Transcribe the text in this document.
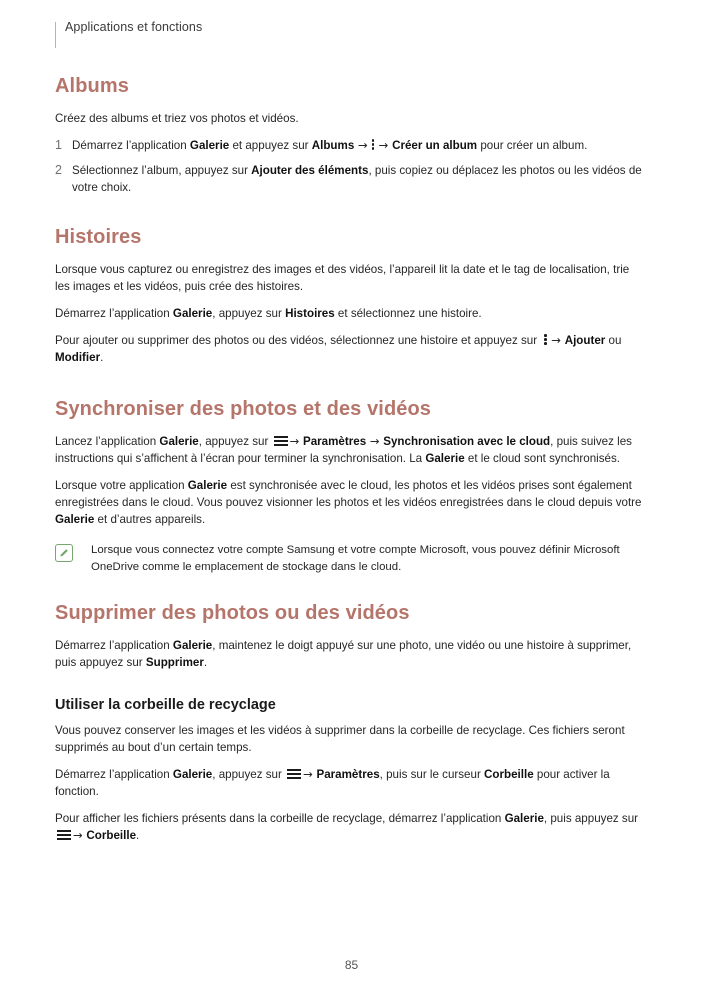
Applications et fonctions
Albums

Créez des albums et triez vos photos et vidéos.

1 Démarrez l’application Galerie et appuyez sur Albums → → Créer un album pour créer un album.
2 Sélectionnez l’album, appuyez sur Ajouter des éléments, puis copiez ou déplacez les photos ou les vidéos de votre choix.
Histoires

Lorsque vous capturez ou enregistrez des images et des vidéos, l’appareil lit la date et le tag de localisation, trie les images et les vidéos, puis crée des histoires.

Démarrez l’application Galerie, appuyez sur Histoires et sélectionnez une histoire.

Pour ajouter ou supprimer des photos ou des vidéos, sélectionnez une histoire et appuyez sur
→ Ajouter ou Modifier.

Synchroniser des photos et des vidéos

Lancez l’application Galerie, appuyez sur
→ Paramètres → Synchronisation avec le cloud, puis suivez les instructions qui s’affichent à l’écran pour terminer la synchronisation. La Galerie et le cloud sont synchronisés.

Lorsque votre application Galerie est synchronisée avec le cloud, les photos et les vidéos prises sont également enregistrées dans le cloud. Vous pouvez visionner les photos et les vidéos enregistrées dans le cloud depuis votre Galerie et d’autres appareils.

Lorsque vous connectez votre compte Samsung et votre compte Microsoft, vous pouvez définir Microsoft OneDrive comme le emplacement de stockage dans le cloud.
Supprimer des photos ou des vidéos

Démarrez l’application Galerie, maintenez le doigt appuyé sur une photo, une vidéo ou une histoire à supprimer, puis appuyez sur Supprimer.

Utiliser la corbeille de recyclage

Vous pouvez conserver les images et les vidéos à supprimer dans la corbeille de recyclage. Ces fichiers seront supprimés au bout d’un certain temps.

Démarrez l’application Galerie, appuyez sur
→ Paramètres, puis sur le curseur Corbeille pour activer la fonction.

Pour afficher les fichiers présents dans la corbeille de recyclage, démarrez l’application Galerie, puis appuyez sur
→ Corbeille.

85
